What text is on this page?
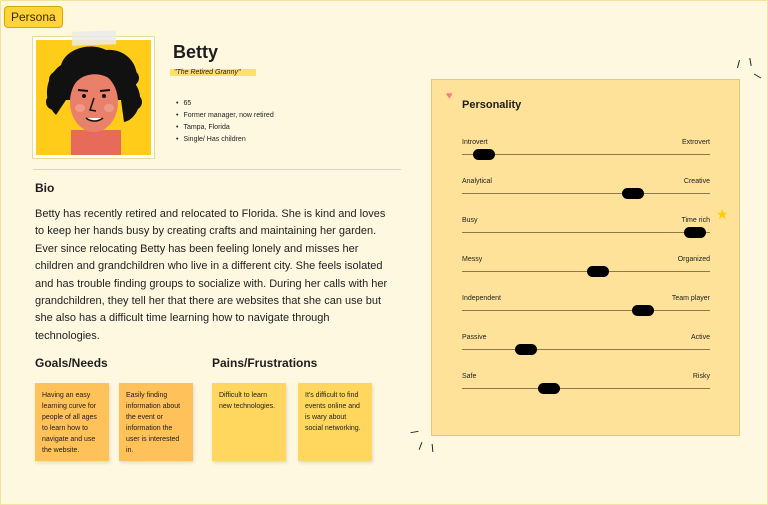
Persona
Betty
"The Retired Granny"
• 65
• Former manager, now retired
• Tampa, Florida
• Single/ Has children
Bio
Betty has recently retired and relocated to Florida. She is kind and loves to keep her hands busy by creating crafts and maintaining her garden. Ever since relocating Betty has been feeling lonely and misses her children and grandchildren who live in a different city. She feels isolated and has trouble finding groups to socialize with. During her calls with her grandchildren, they tell her that there are websites that she can use but she also has a difficult time learning how to navigate through technologies.
Goals/Needs
Having an easy learning curve for people of all ages to learn how to navigate and use the website.
Easily finding information about the event or information the user is interested in.
Pains/Frustrations
Difficult to learn new technologies.
It's difficult to find events online and is wary about social networking.
♥
Personality
Introvert	Extrovert
Analytical	Creative
Busy	Time rich
Messy	Organized
Independent	Team player
Passive	Active
Safe	Risky
★
